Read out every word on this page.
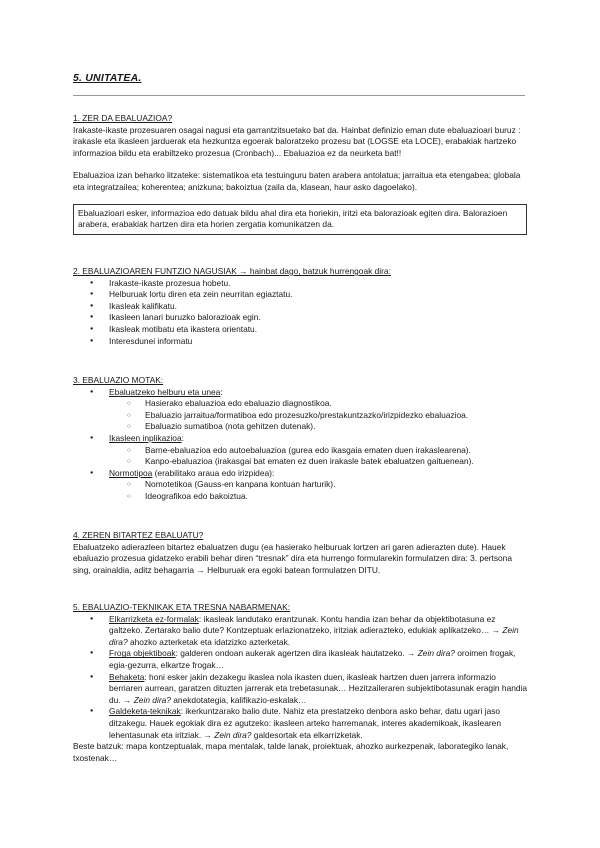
5. UNITATEA.
1. ZER DA EBALUAZIOA?

Irakaste-ikaste prozesuaren osagai nagusi eta garrantzitsuetako bat da. Hainbat definizio eman dute ebaluazioari buruz : irakasle eta ikasleen jarduerak eta hezkuntza egoerak baloratzeko prozesu bat (LOGSE eta LOCE), erabakiak hartzeko informazioa bildu eta erabiltzeko prozesua (Cronbach)... Ebaluazioa ez da neurketa bat!!

Ebaluazioa izan beharko litzateke: sistematikoa eta testuinguru baten arabera antolatua; jarraitua eta etengabea; globala eta integratzailea; koherentea; anizkuna; bakoiztua (zaila da, klasean, haur asko dagoelako).

Ebaluazioari esker, informazioa edo datuak bildu ahal dira eta horiekin, iritzi eta balorazioak egiten dira. Balorazioen arabera, erabakiak hartzen dira eta horien zergatia komunikatzen da.
2. EBALUAZIOAREN FUNTZIO NAGUSIAK → hainbat dago, batzuk hurrengoak dira:
● Irakaste-ikaste prozesua hobetu.
● Helburuak lortu diren eta zein neurritan egiaztatu.
● Ikasleak kalifikatu.
● Ikasleen lanari buruzko balorazioak egin.
● Ikasleak motibatu eta ikastera orientatu.
● Interesdunei informatu
3. EBALUAZIO MOTAK:
● Ebaluatzeko helburu eta unea:
○ Hasierako ebaluazioa edo ebaluazio diagnostikoa.
○ Ebaluazio jarraitua/formatiboa edo prozesuzko/prestakuntzazko/irizpidezko ebaluazioa.
○ Ebaluazio sumatiboa (nota gehitzen dutenak).
● Ikasleen inplikazioa:
○ Barne-ebaluazioa edo autoebaluazioa (gurea edo ikasgaia ematen duen irakaslearena).
○ Kanpo-ebaluazioa (irakasgai bat ematen ez duen irakasle batek ebaluatzen gaituenean).
● Normotipoa (erabilitako araua edo irizpidea):
○ Nomotetikoa (Gauss-en kanpana kontuan harturik).
○ Ideografikoa edo bakoiztua.
4. ZEREN BITARTEZ EBALUATU?

Ebaluatzeko adierazleen bitartez ebaluatzen dugu (ea hasierako helburuak lortzen ari garen adierazten dute). Hauek ebaluazio prozesua gidatzeko erabili behar diren “tresnak” dira eta hurrengo formularekin formulatzen dira: 3. pertsona sing, orainaldia, aditz behagarria → Helburuak era egoki batean formulatzen DITU.

5. EBALUAZIO-TEKNIKAK ETA TRESNA NABARMENAK:
● Elkarrizketa ez-formalak: ikasleak landutako erantzunak. Kontu handia izan behar da objektibotasuna ez galtzeko. Zertarako balio dute? Kontzeptuak erlazionatzeko, iritziak adierazteko, edukiak aplikatzeko… → Zein dira? ahozko azterketak eta idatzizko azterketak.
● Froga objektiboak: galderen ondoan aukerak agertzen dira ikasleak hautatzeko. → Zein dira? oroimen frogak, egia-gezurra, elkartze frogak…
● Behaketa: honi esker jakin dezakegu ikaslea nola ikasten duen, ikasleak hartzen duen jarrera informazio berriaren aurrean, garatzen dituzten jarrerak eta trebetasunak… Hezitzaileraren subjektibotasunak eragin handia du. → Zein dira? anekdotategia, kalifikazio-eskalak…
● Galdeketa-teknikak: ikerkuntzarako balio dute. Nahiz eta prestatzeko denbora asko behar, datu ugari jaso ditzakegu. Hauek egokiak dira ez agutzeko: ikasleen arteko harremanak, interes akademikoak, ikaslearen lehentasunak eta iritziak. → Zein dira? galdesortak eta elkarrizketak.

Beste batzuk: mapa kontzeptualak, mapa mentalak, talde lanak, proiektuak, ahozko aurkezpenak, laborategiko lanak, txostenak…
